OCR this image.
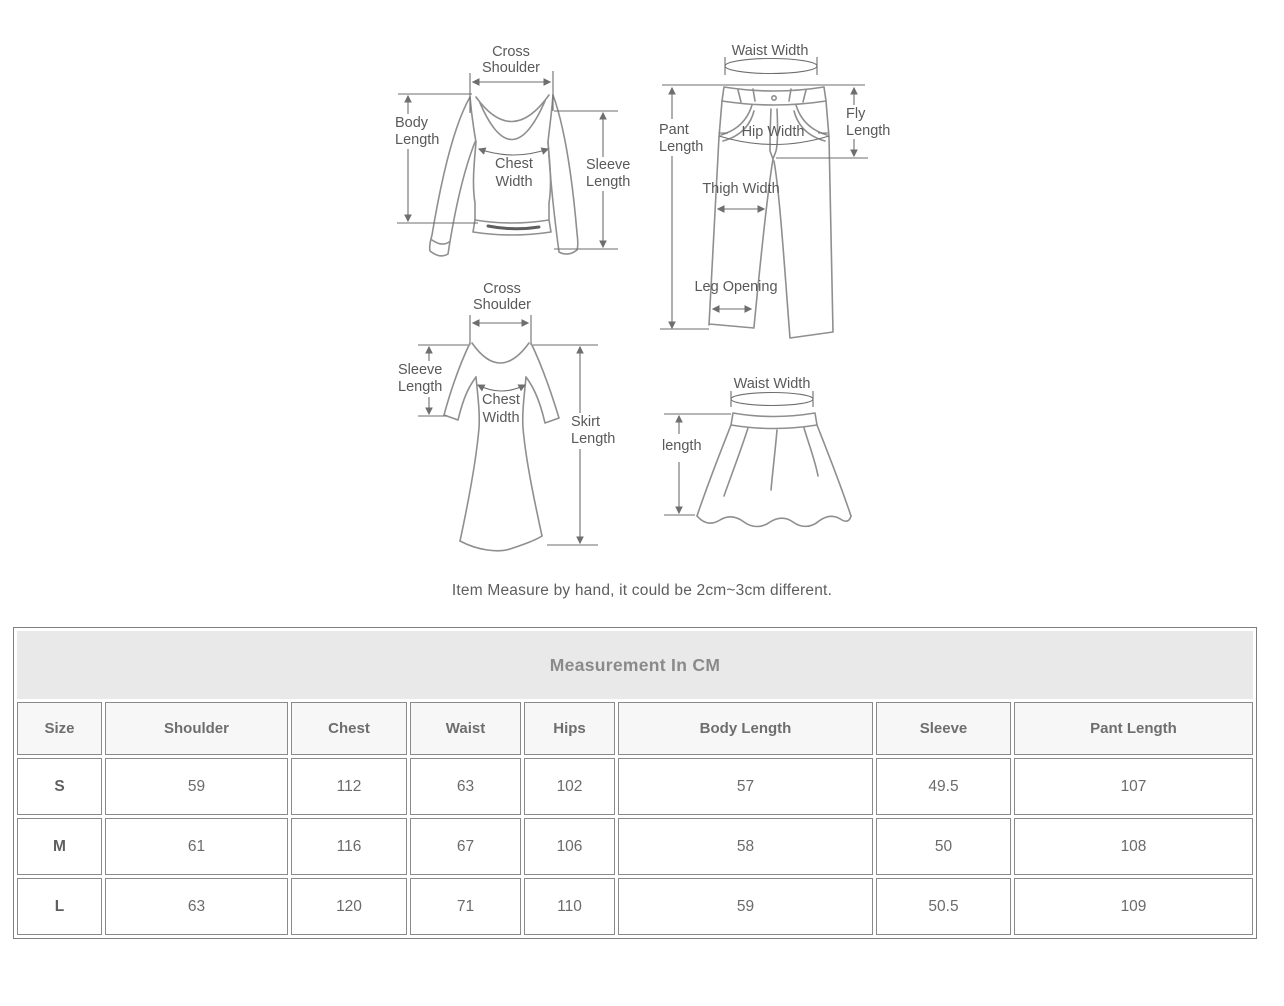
Cross
Shoulder
Body
Length
Chest
Width
Sleeve
Length
Waist Width
Hip Width
Pant
Length
Fly
Length
Thigh Width
Leg Opening
Cross
Shoulder
Chest
Width
Sleeve
Length
Skirt
Length
Waist Width
length

Item Measure by hand, it could be 2cm~3cm different.

Measurement In CM							
Size	Shoulder	Chest	Waist	Hips	Body Length	Sleeve	Pant Length
S	59	112	63	102	57	49.5	107
M	61	116	67	106	58	50	108
L	63	120	71	110	59	50.5	109
